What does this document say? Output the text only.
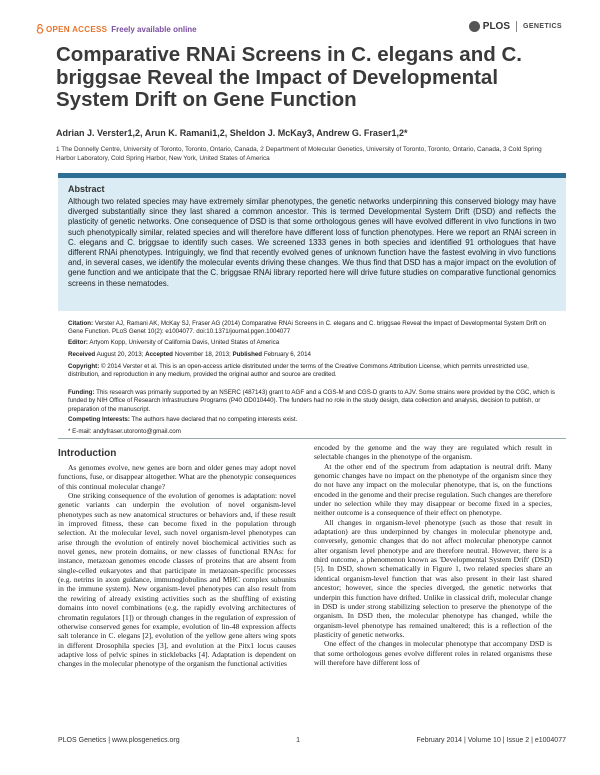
OPEN ACCESS Freely available online	PLOS GENETICS
Comparative RNAi Screens in C. elegans and C. briggsae Reveal the Impact of Developmental System Drift on Gene Function
Adrian J. Verster1,2, Arun K. Ramani1,2, Sheldon J. McKay3, Andrew G. Fraser1,2*
1 The Donnelly Centre, University of Toronto, Toronto, Ontario, Canada, 2 Department of Molecular Genetics, University of Toronto, Toronto, Ontario, Canada, 3 Cold Spring Harbor Laboratory, Cold Spring Harbor, New York, United States of America
Abstract
Although two related species may have extremely similar phenotypes, the genetic networks underpinning this conserved biology may have diverged substantially since they last shared a common ancestor. This is termed Developmental System Drift (DSD) and reflects the plasticity of genetic networks. One consequence of DSD is that some orthologous genes will have evolved different in vivo functions in two such phenotypically similar, related species and will therefore have different loss of function phenotypes. Here we report an RNAi screen in C. elegans and C. briggsae to identify such cases. We screened 1333 genes in both species and identified 91 orthologues that have different RNAi phenotypes. Intriguingly, we find that recently evolved genes of unknown function have the fastest evolving in vivo functions and, in several cases, we identify the molecular events driving these changes. We thus find that DSD has a major impact on the evolution of gene function and we anticipate that the C. briggsae RNAi library reported here will drive future studies on comparative functional genomics screens in these nematodes.
Citation: Verster AJ, Ramani AK, McKay SJ, Fraser AG (2014) Comparative RNAi Screens in C. elegans and C. briggsae Reveal the Impact of Developmental System Drift on Gene Function. PLoS Genet 10(2): e1004077. doi:10.1371/journal.pgen.1004077
Editor: Artyom Kopp, University of California Davis, United States of America
Received August 20, 2013; Accepted November 18, 2013; Published February 6, 2014
Copyright: © 2014 Verster et al. This is an open-access article distributed under the terms of the Creative Commons Attribution License, which permits unrestricted use, distribution, and reproduction in any medium, provided the original author and source are credited.
Funding: This research was primarily supported by an NSERC (487143) grant to AGF and a CGS-M and CGS-D grants to AJV. Some strains were provided by the CGC, which is funded by NIH Office of Research Infrastructure Programs (P40 OD010440). The funders had no role in the study design, data collection and analysis, decision to publish, or preparation of the manuscript.
Competing Interests: The authors have declared that no competing interests exist.
* E-mail: andyfraser.utoronto@gmail.com
Introduction

As genomes evolve, new genes are born and older genes may adopt novel functions, fuse, or disappear altogether. What are the phenotypic consequences of this continual molecular change?

One striking consequence of the evolution of genomes is adaptation: novel genetic variants can underpin the evolution of novel organism-level phenotypes such as new anatomical structures or behaviors and, if these result in improved fitness, these can become fixed in the population through selection. At the molecular level, such novel organism-level phenotypes can arise through the evolution of entirely novel biochemical activities such as novel genes, new protein domains, or new classes of functional RNAs: for instance, metazoan genomes encode classes of proteins that are absent from single-celled eukaryotes and that participate in metazoan-specific processes (e.g. netrins in axon guidance, immunoglobulins and MHC complex subunits in the immune system). New organism-level phenotypes can also result from the rewiring of already existing activities such as the shuffling of existing domains into novel combinations (e.g. the rapidly evolving architectures of chromatin regulators [1]) or through changes in the regulation of expression of otherwise conserved genes for example, evolution of lin-48 expression affects salt tolerance in C. elegans [2], evolution of the yellow gene alters wing spots in different Drosophila species [3], and evolution at the Pitx1 locus causes adaptive loss of pelvic spines in sticklebacks [4]. Adaptation is dependent on changes in the molecular phenotype of the organism the functional activities

encoded by the genome and the way they are regulated which result in selectable changes in the phenotype of the organism.

At the other end of the spectrum from adaptation is neutral drift. Many genomic changes have no impact on the phenotype of the organism since they do not have any impact on the molecular phenotype, that is, on the functions encoded in the genome and their precise regulation. Such changes are therefore under no selection while they may disappear or become fixed in a species, neither outcome is a consequence of their effect on phenotype.

All changes in organism-level phenotype (such as those that result in adaptation) are thus underpinned by changes in molecular phenotype and, conversely, genomic changes that do not affect molecular phenotype cannot alter organism level phenotype and are therefore neutral. However, there is a third outcome, a phenomenon known as 'Developmental System Drift' (DSD) [5]. In DSD, shown schematically in Figure 1, two related species share an identical organism-level function that was also present in their last shared ancestor; however, since the species diverged, the genetic networks that underpin this function have drifted. Unlike in classical drift, molecular change in DSD is under strong stabilizing selection to preserve the phenotype of the organism. In DSD then, the molecular phenotype has changed, while the organism-level phenotype has remained unaltered; this is a reflection of the plasticity of genetic networks.

One effect of the changes in molecular phenotype that accompany DSD is that some orthologous genes evolve different roles in related organisms these will therefore have different loss of

PLOS Genetics | www.plosgenetics.org	1	February 2014 | Volume 10 | Issue 2 | e1004077
